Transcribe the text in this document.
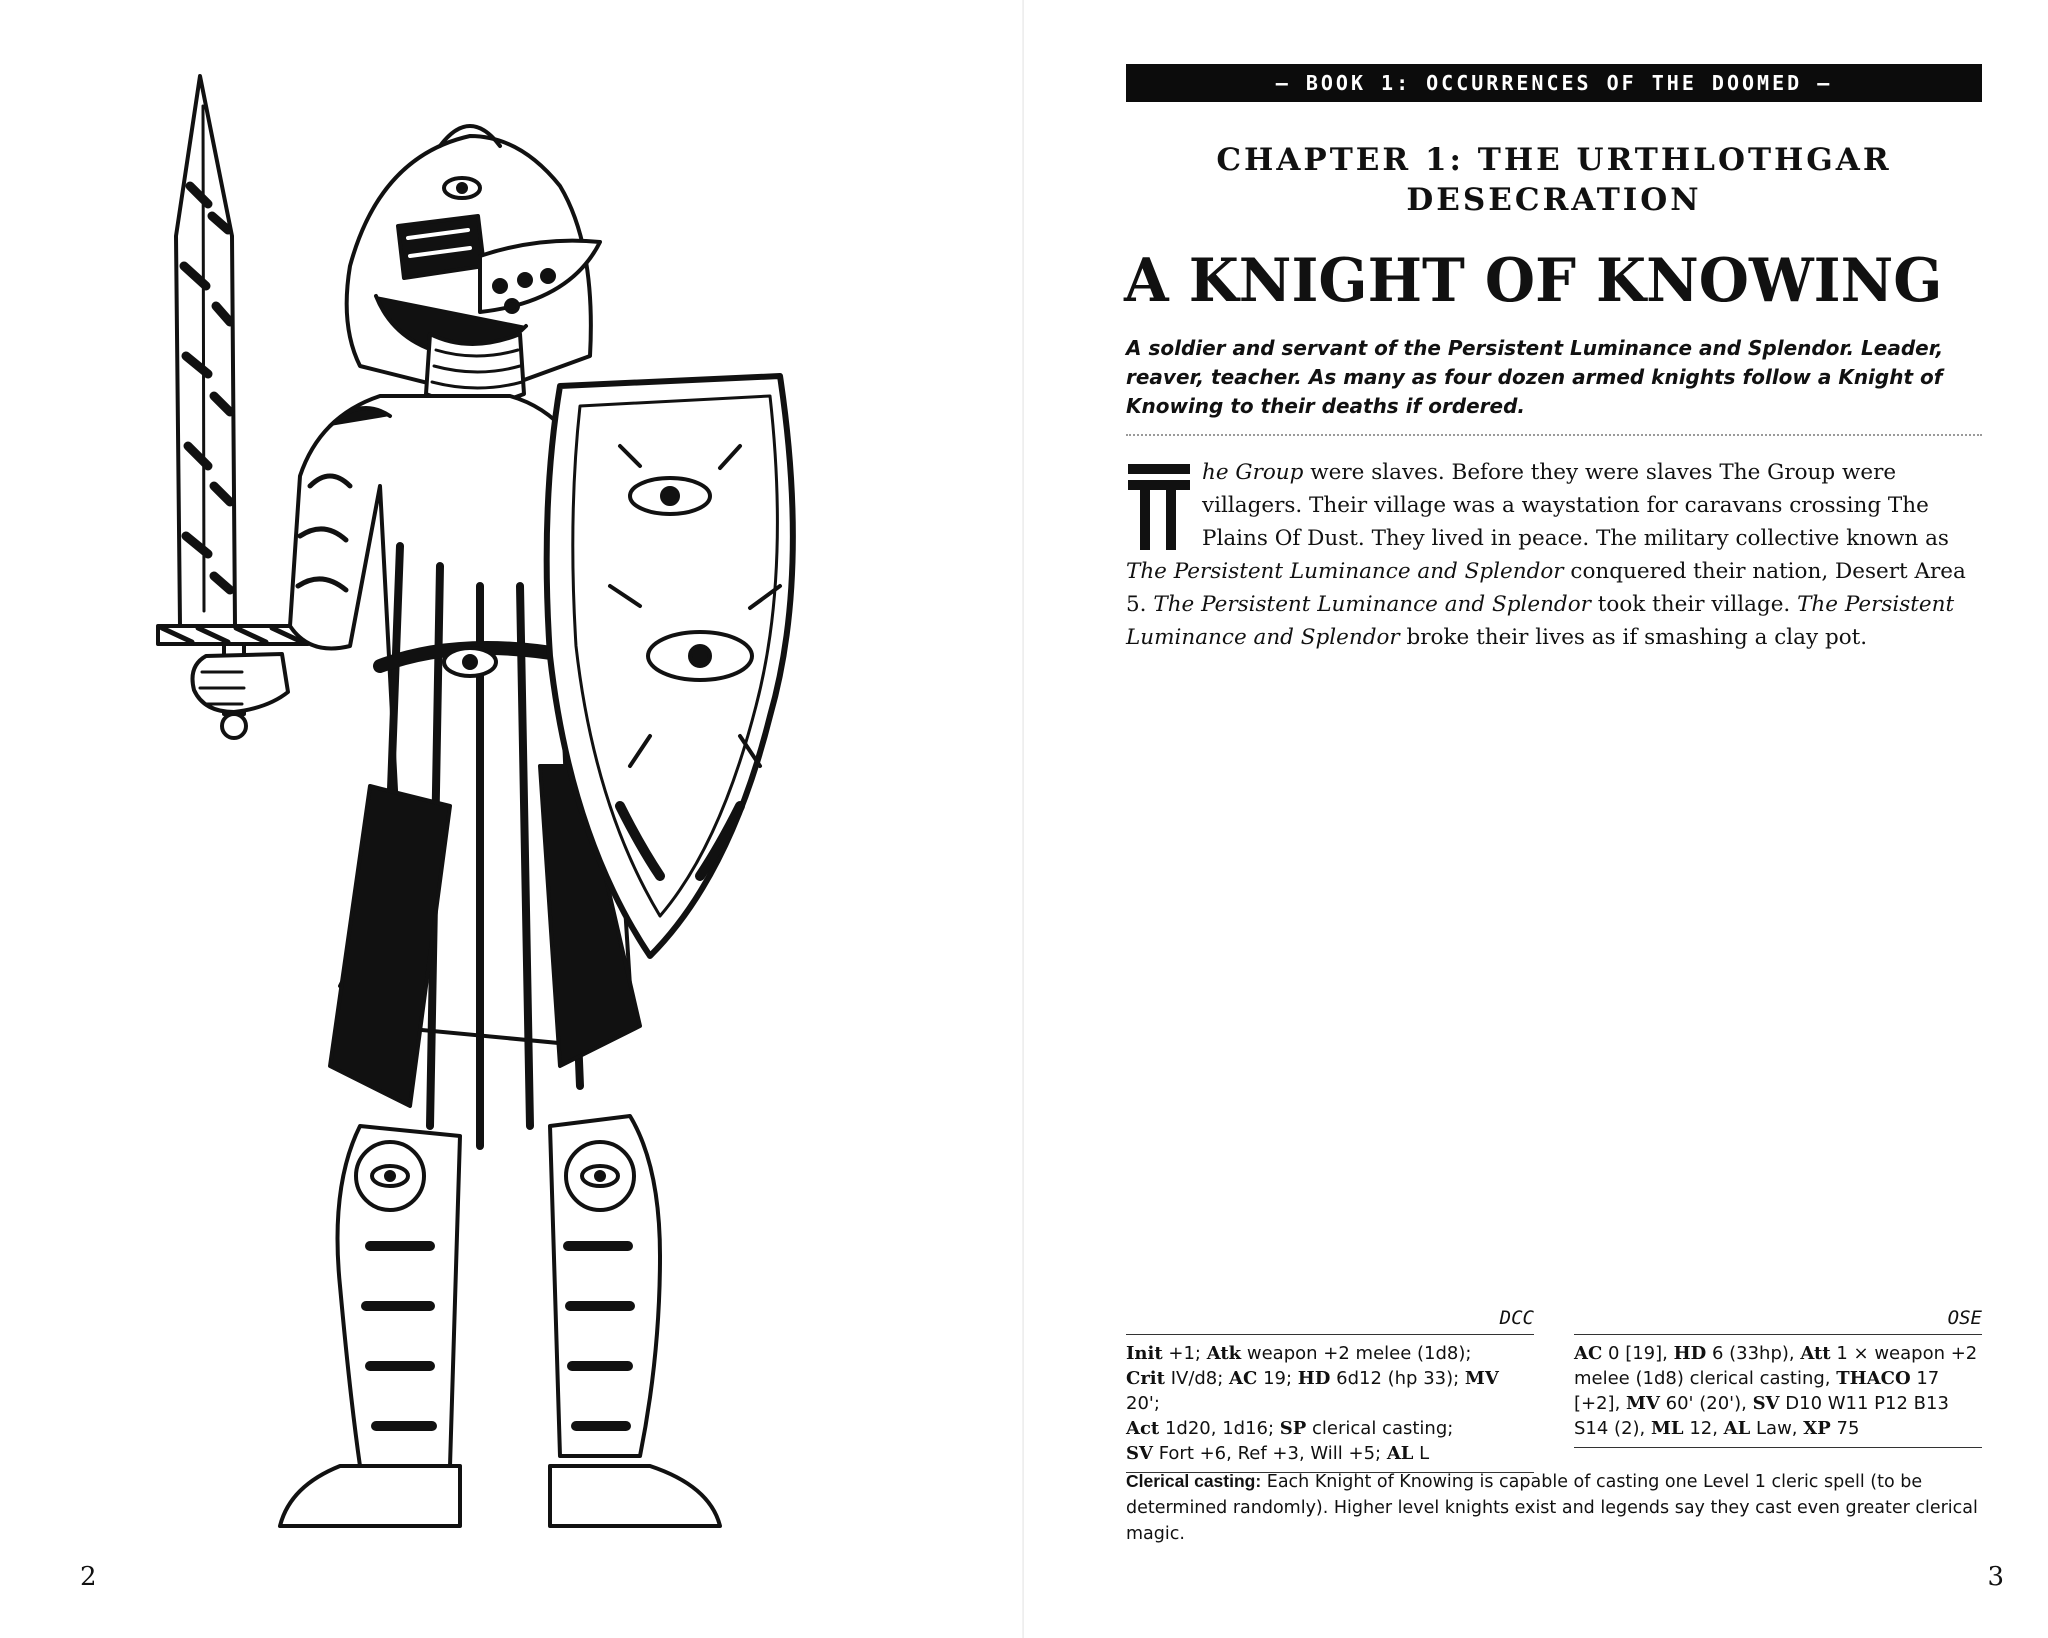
2
— BOOK 1: OCCURRENCES OF THE DOOMED —
CHAPTER 1: THE URTHLOTHGAR DESECRATION
A KNIGHT OF KNOWING
A soldier and servant of the Persistent Luminance and Splendor. Leader, reaver, teacher. As many as four dozen armed knights follow a Knight of Knowing to their deaths if ordered.
he Group were slaves. Before they were slaves The Group were villagers. Their village was a waystation for caravans crossing The Plains Of Dust. They lived in peace. The military collective known as The Persistent Luminance and Splendor conquered their nation, Desert Area 5. The Persistent Luminance and Splendor took their village. The Persistent Luminance and Splendor broke their lives as if smashing a clay pot.
DCC
Init +1; Atk weapon +2 melee (1d8);
Crit IV/d8; AC 19; HD 6d12 (hp 33); MV 20';
Act 1d20, 1d16; SP clerical casting;
SV Fort +6, Ref +3, Will +5; AL L
OSE
AC 0 [19], HD 6 (33hp), Att 1 × weapon +2 melee (1d8) clerical casting, THACO 17 [+2], MV 60' (20'), SV D10 W11 P12 B13 S14 (2), ML 12, AL Law, XP 75
Clerical casting: Each Knight of Knowing is capable of casting one Level 1 cleric spell (to be determined randomly). Higher level knights exist and legends say they cast even greater clerical magic.
3
